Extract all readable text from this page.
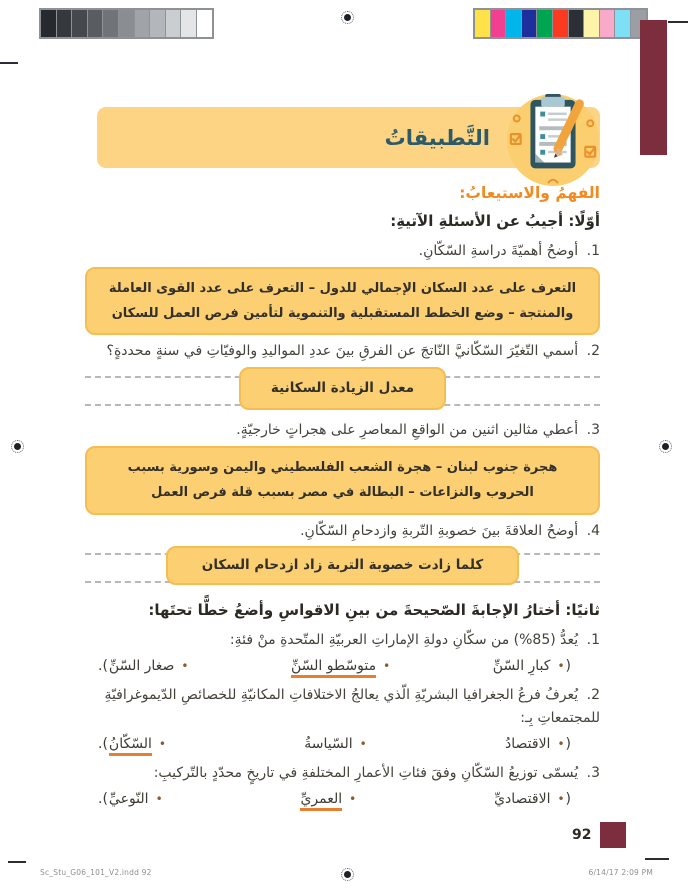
التَّطبيقاتُ
الفهمُ والاستيعابُ:
أوّلًا: أجيبُ عن الأسئلةِ الآتيةِ:
1. أوضحُ أهميّةَ دراسةِ السّكّانِ.
التعرف على عدد السكان الإجمالي للدول – التعرف على عدد القوى العاملة والمنتجة – وضع الخطط المستقبلية والتنموية لتأمين فرص العمل للسكان
2. أسمي التّغيّرَ السّكّانيَّ النّاتجَ عن الفرقِ بينَ عددِ المواليدِ والوفيّاتِ في سنةٍ محددةٍ؟
معدل الزيادة السكانية
3. أعطي مثالين اثنين من الواقعِ المعاصرِ على هجراتٍ خارجيّةٍ.
هجرة جنوب لبنان – هجرة الشعب الفلسطيني واليمن وسورية بسبب الحروب والنزاعات – البطالة في مصر بسبب قلة فرص العمل
4. أوضحُ العلاقةَ بينَ خصوبةِ التّربةِ وازدحامِ السّكّانِ.
كلما زادت خصوبة التربة زاد ازدحام السكان
ثانيًا: أختارُ الإجابةَ الصّحيحةَ من بينِ الاقواسِ وأضعُ خطًّا تحتَها:
1. يُعدُّ (85%) من سكّانِ دولةِ الإماراتِ العربيّةِ المتّحدةِ منْ فئةِ:
(•كبارِ السّنِّ
•متوسّطو السّنِّ
•صغار السّنِّ).
2. يُعرفُ فرعُ الجغرافيا البشريّةِ الّذي يعالجُ الاختلافاتِ المكانيّةِ للخصائصِ الدّيموغرافيّةِ للمجتمعاتِ بِـ:
(•الاقتصادُ
•السّياسةُ
•السّكّانُ).
3. يُسمّى توزيعُ السّكّانِ وفقَ فئاتِ الأعمارِ المختلفةِ في تاريخٍ محدّدٍ بالتّركيبِ:
(•الاقتصاديِّ
•العمريِّ
•النّوعيِّ).
92
Sc_Stu_G06_101_V2.indd 92	6/14/17 2:09 PM
